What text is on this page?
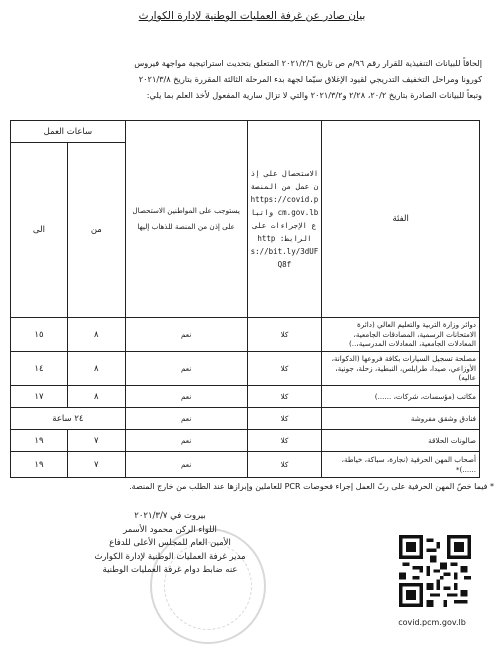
بيان صادر عن غرفة العمليات الوطنية لإدارة الكوارث
إلحاقاً للبيانات التنفيذية للقرار رقم ٩٦/م ص تاريخ ٢٠٢١/٢/٦ المتعلق بتحديث استراتيجية مواجهة فيروس
كورونا ومراحل التخفيف التدريجي لقيود الإغلاق سيّما لجهة بدء المرحلة الثالثة المقررة بتاريخ ٢٠٢١/٣/٨
وتبعاً للبيانات الصادرة بتاريخ ٢٠/٢، ٢/٢٨ و٢٠٢١/٣/٢ والتي لا تزال سارية المفعول لأخذ العلم بما يلي:
الفئة	الاستحصال على إذن عمل من المنصة https://covid.pcm.gov.lb واتباع الإجراءات على الرابط: https://bit.ly/3dUFQ8f	يستوجب على المواطنين الاستحصال على إذن من المنصة للذهاب إليها	ساعات العمل	
			من	الى
دوائر وزارة التربية والتعليم العالي (دائرة الامتحانات الرسمية، المصادقات الجامعية، المعادلات الجامعية، المعادلات المدرسية،..)	كلا	نعم	٨	١٥
مصلحة تسجيل السيارات بكافة فروعها (الدكوانة، الأوزاعي، صيدا، طرابلس، النبطية، زحلة، جونية، عاليه)	كلا	نعم	٨	١٤
مكاتب (مؤسسات، شركات، ......)	كلا	نعم	٨	١٧
فنادق وشقق مفروشة	كلا	نعم	٢٤ ساعة	
صالونات الحلاقة	كلا	نعم	٧	١٩
أصحاب المهن الحرفية (نجارة، سباكة، خياطة، ......)*	كلا	نعم	٧	١٩
* فيما خصّ المهن الحرفية على ربّ العمل إجراء فحوصات PCR للعاملين وإبرازها عند الطلب من خارج المنصة.
بيروت في ٢٠٢١/٣/٧
اللواء الركن محمود الأسمر
الأمين العام للمجلس الأعلى للدفاع
مدير غرفة العمليات الوطنية لإدارة الكوارث
عنه ضابط دوام غرفة العمليات الوطنية
covid.pcm.gov.lb
